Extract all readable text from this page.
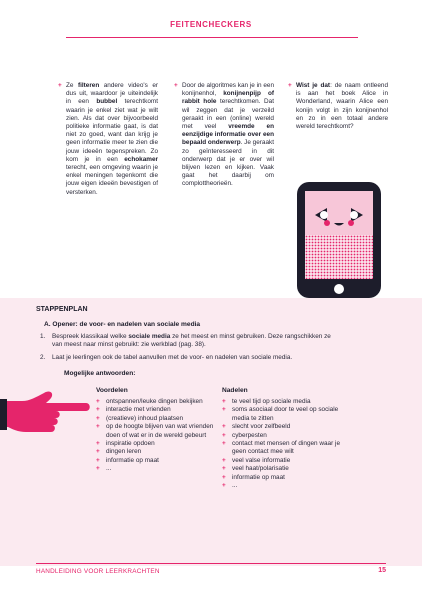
FEITENCHECKERS
+ Ze filteren andere video's er dus uit, waardoor je uiteindelijk in een bubbel terechtkomt waarin je enkel ziet wat je wilt zien. Als dat over bijvoorbeeld politieke informatie gaat, is dat niet zo goed, want dan krijg je geen informatie meer te zien die jouw ideeën tegenspreken. Zo kom je in een echokamer terecht, een omgeving waarin je enkel meningen tegenkomt die jouw eigen ideeën bevestigen of versterken.
+ Door de algoritmes kan je in een konijnenhol, konijnenpijp of rabbit hole terechtkomen. Dat wil zeggen dat je verzeild geraakt in een (online) wereld met veel vreemde en eenzijdige informatie over een bepaald onderwerp. Je geraakt zo geïnteresseerd in dit onderwerp dat je er over wil blijven lezen en kijken. Vaak gaat het daarbij om complottheorieën.
+ Wist je dat: de naam ontleend is aan het boek Alice in Wonderland, waarin Alice een konijn volgt in zijn konijnenhol en zo in een totaal andere wereld terechtkomt?
STAPPENPLAN
A. Opener: de voor- en nadelen van sociale media
1. Bespreek klassikaal welke sociale media ze het meest en minst gebruiken. Deze rangschikken ze van meest naar minst gebruikt: zie werkblad (pag. 38).
2. Laat je leerlingen ook de tabel aanvullen met de voor- en nadelen van sociale media.
Mogelijke antwoorden:
Voordelen
+ ontspannen/leuke dingen bekijken
+ interactie met vrienden
+ (creatieve) inhoud plaatsen
+ op de hoogte blijven van wat vrienden doen of wat er in de wereld gebeurt
+ inspiratie opdoen
+ dingen leren
+ informatie op maat
+ ...
Nadelen
+ te veel tijd op sociale media
+ soms asociaal door te veel op sociale media te zitten
+ slecht voor zelfbeeld
+ cyberpesten
+ contact met mensen of dingen waar je geen contact mee wilt
+ veel valse informatie
+ veel haat/polarisatie
+ informatie op maat
+ ...
HANDLEIDING VOOR LEERKRACHTEN	15
